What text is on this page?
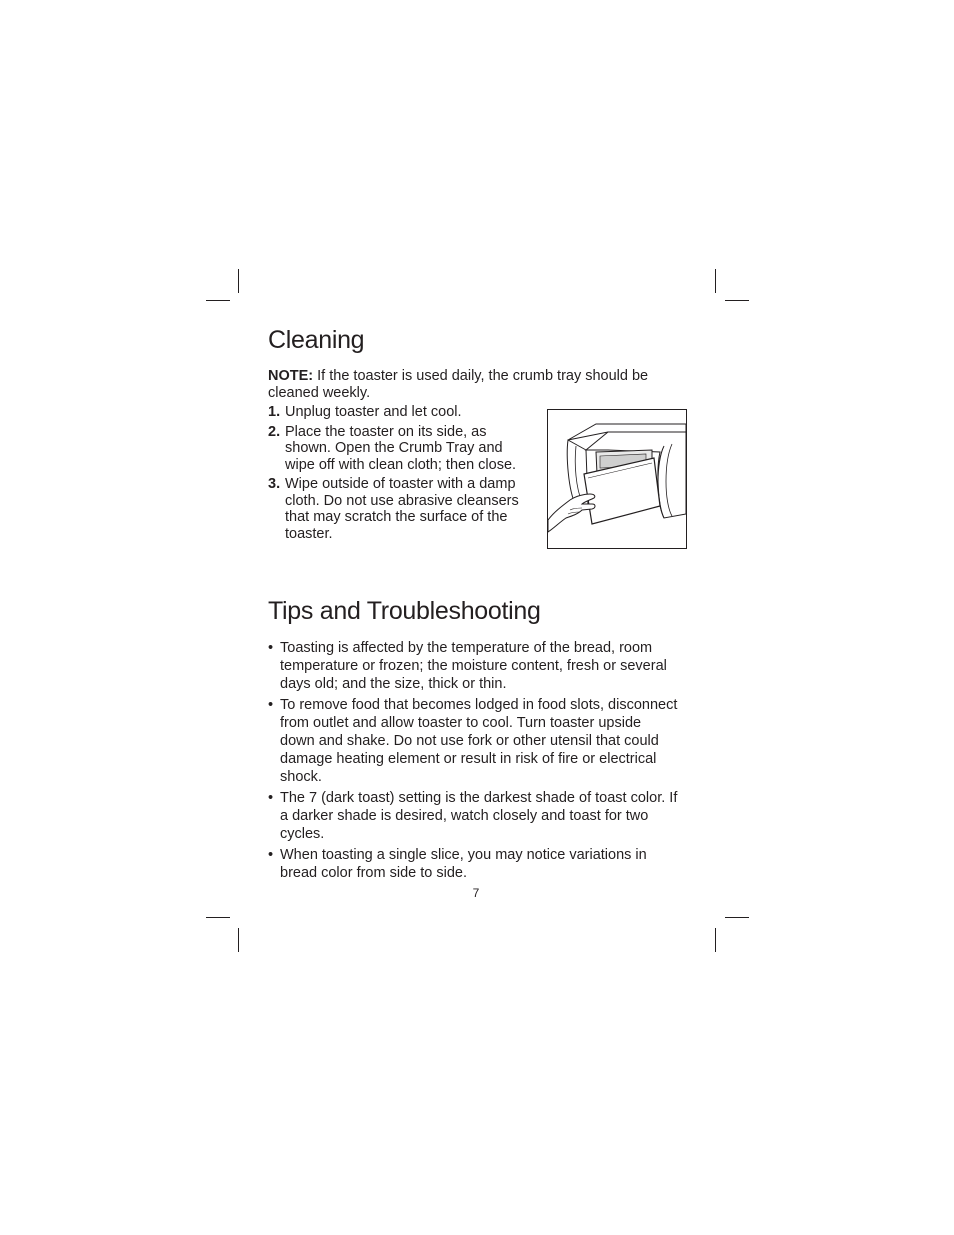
Cleaning
NOTE: If the toaster is used daily, the crumb tray should be cleaned weekly.
1. Unplug toaster and let cool.
2. Place the toaster on its side, as shown. Open the Crumb Tray and wipe off with clean cloth; then close.
3. Wipe outside of toaster with a damp cloth. Do not use abrasive cleansers that may scratch the surface of the toaster.
Tips and Troubleshooting
• Toasting is affected by the temperature of the bread, room temperature or frozen; the moisture content, fresh or several days old; and the size, thick or thin.
• To remove food that becomes lodged in food slots, disconnect from outlet and allow toaster to cool. Turn toaster upside down and shake. Do not use fork or other utensil that could damage heating element or result in risk of fire or electrical shock.
• The 7 (dark toast) setting is the darkest shade of toast color. If a darker shade is desired, watch closely and toast for two cycles.
• When toasting a single slice, you may notice variations in bread color from side to side.
7
